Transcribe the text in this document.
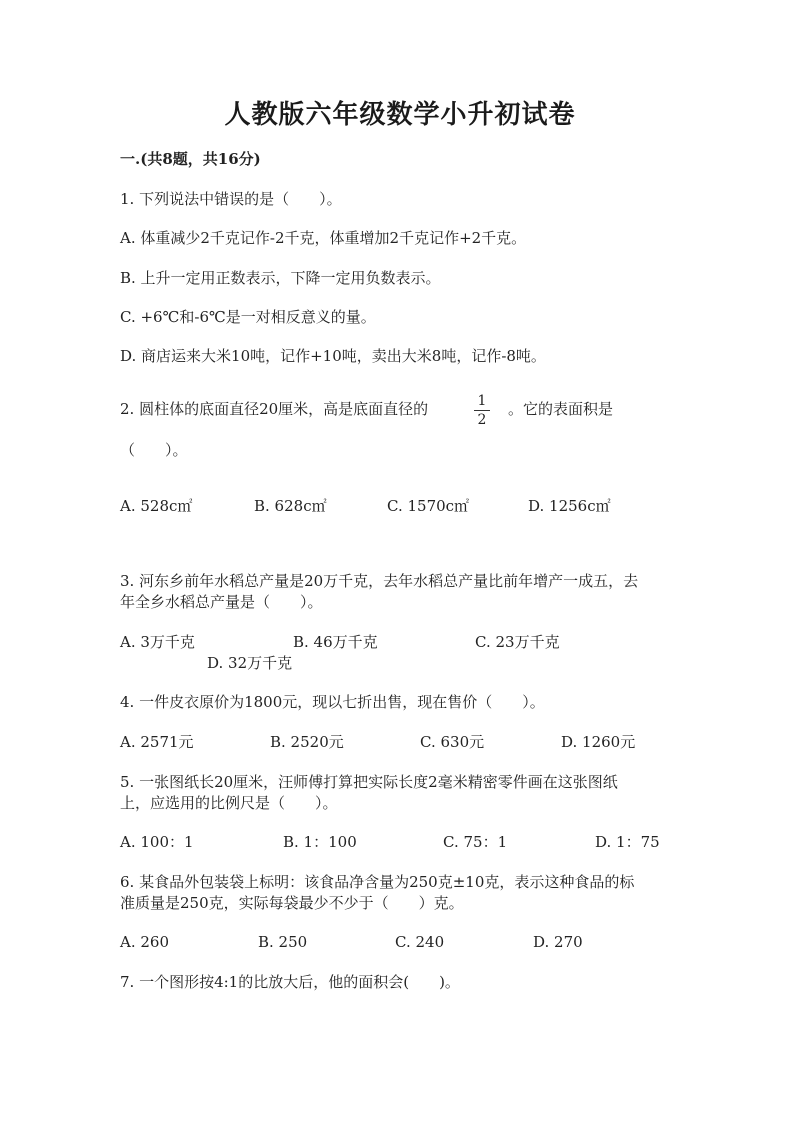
人教版六年级数学小升初试卷
一.(共8题，共16分)
1. 下列说法中错误的是（　　）。
A. 体重减少2千克记作-2千克，体重增加2千克记作+2千克。
B. 上升一定用正数表示，下降一定用负数表示。
C. +6℃和-6℃是一对相反意义的量。
D. 商店运来大米10吨，记作+10吨，卖出大米8吨，记作-8吨。
2. 圆柱体的底面直径20厘米，高是底面直径的	1
2
。它的表面积是
（　　）。
A. 528c㎡	B. 628c㎡	C. 1570c㎡	D. 1256c㎡
3. 河东乡前年水稻总产量是20万千克，去年水稻总产量比前年增产一成五，去
年全乡水稻总产量是（　　）。
A. 3万千克	B. 46万千克	C. 23万千克
D. 32万千克
4. 一件皮衣原价为1800元，现以七折出售，现在售价（　　）。
A. 2571元	B. 2520元	C. 630元	D. 1260元
5. 一张图纸长20厘米，汪师傅打算把实际长度2毫米精密零件画在这张图纸
上，应选用的比例尺是（　　）。
A. 100：1	B. 1：100	C. 75：1	D. 1：75
6. 某食品外包装袋上标明：该食品净含量为250克±10克，表示这种食品的标
准质量是250克，实际每袋最少不少于（　　）克。
A. 260	B. 250	C. 240	D. 270
7. 一个图形按4:1的比放大后，他的面积会(　　)。
